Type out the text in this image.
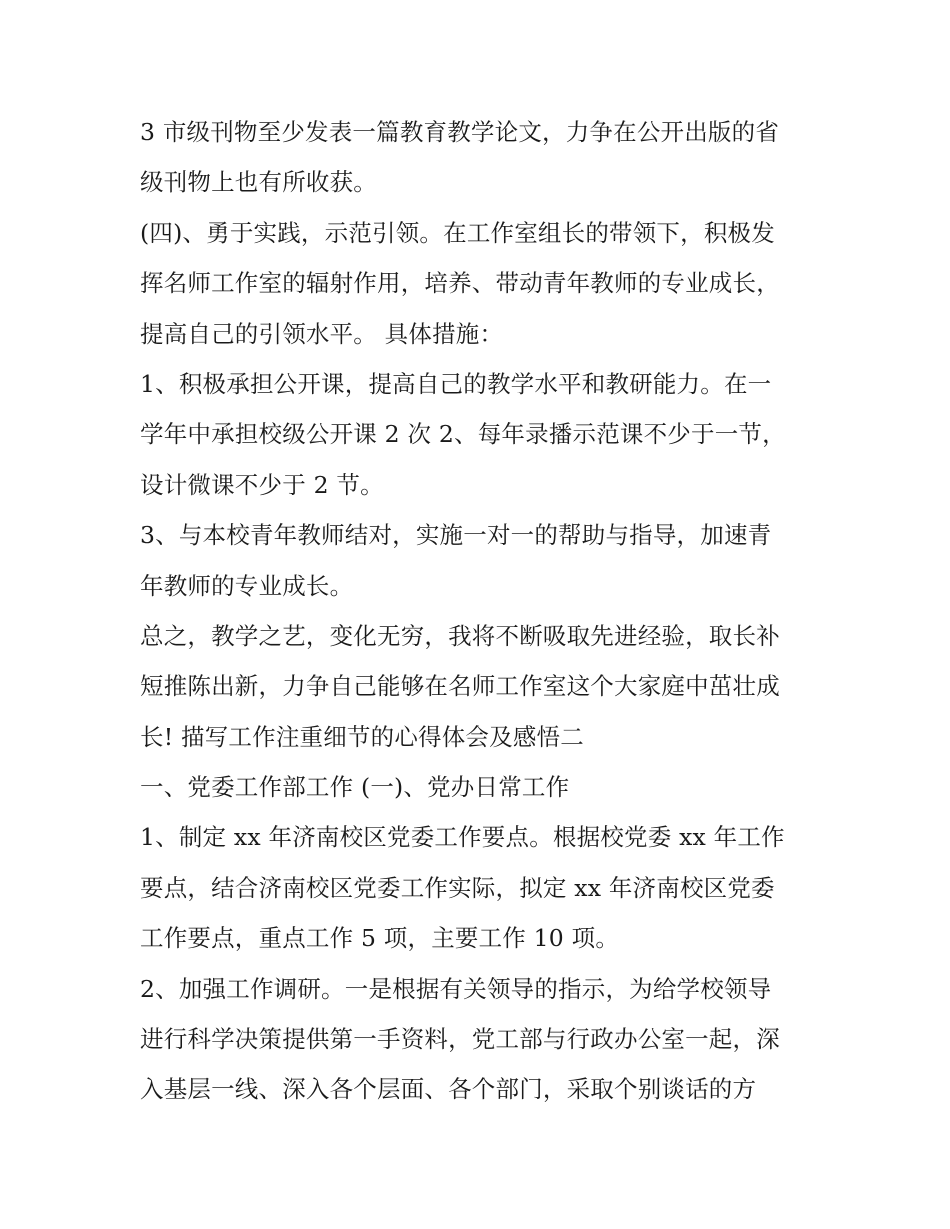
3 市级刊物至少发表一篇教育教学论文，力争在公开出版的省
级刊物上也有所收获。
(四)、勇于实践，示范引领。在工作室组长的带领下，积极发
挥名师工作室的辐射作用，培养、带动青年教师的专业成长，
提高自己的引领水平。 具体措施：
1、积极承担公开课，提高自己的教学水平和教研能力。在一
学年中承担校级公开课 2 次 2、每年录播示范课不少于一节，
设计微课不少于 2 节。
3、与本校青年教师结对，实施一对一的帮助与指导，加速青
年教师的专业成长。
总之，教学之艺，变化无穷，我将不断吸取先进经验，取长补
短推陈出新，力争自己能够在名师工作室这个大家庭中茁壮成
长! 描写工作注重细节的心得体会及感悟二
一、党委工作部工作 (一)、党办日常工作
1、制定 xx 年济南校区党委工作要点。根据校党委 xx 年工作
要点，结合济南校区党委工作实际，拟定 xx 年济南校区党委
工作要点，重点工作 5 项，主要工作 10 项。
2、加强工作调研。一是根据有关领导的指示，为给学校领导
进行科学决策提供第一手资料，党工部与行政办公室一起，深
入基层一线、深入各个层面、各个部门，采取个别谈话的方
